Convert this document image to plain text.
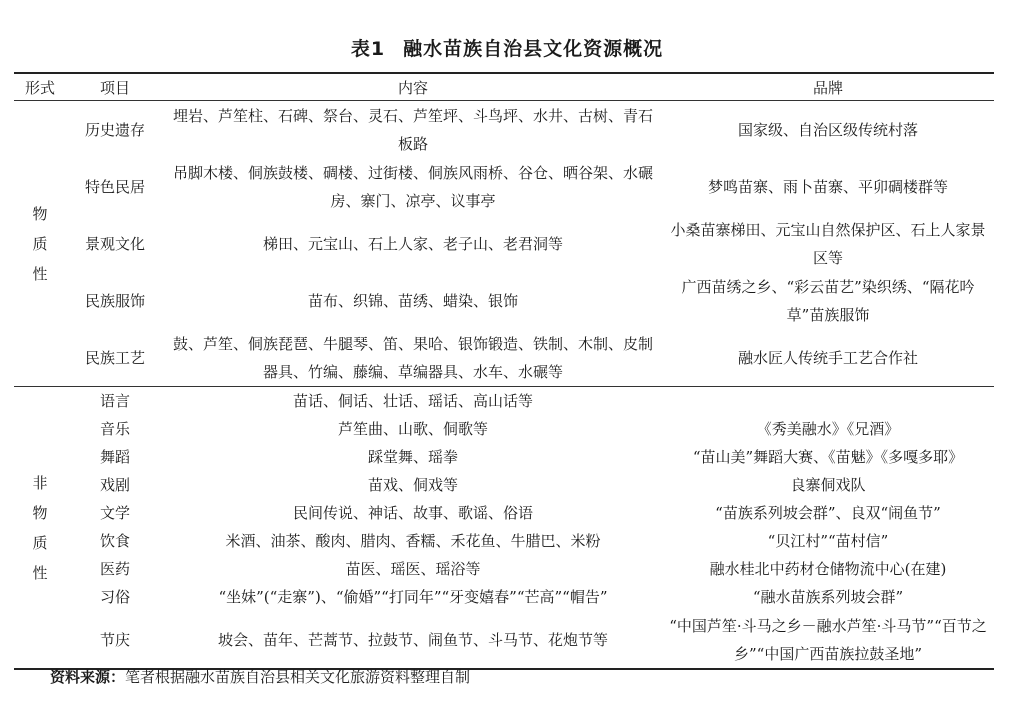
表1 融水苗族自治县文化资源概况
形式	项目	内容	品牌

物
质
性	历史遗存	埋岩、芦笙柱、石碑、祭台、灵石、芦笙坪、斗鸟坪、水井、古树、青石板路	国家级、自治区级传统村落
	特色民居	吊脚木楼、侗族鼓楼、碉楼、过街楼、侗族风雨桥、谷仓、晒谷架、水碾房、寨门、凉亭、议事亭	梦鸣苗寨、雨卜苗寨、平卯碉楼群等
	景观文化	梯田、元宝山、石上人家、老子山、老君洞等	小桑苗寨梯田、元宝山自然保护区、石上人家景区等
	民族服饰	苗布、织锦、苗绣、蜡染、银饰	广西苗绣之乡、“彩云苗艺”染织绣、“隔花吟草”苗族服饰
	民族工艺	鼓、芦笙、侗族琵琶、牛腿琴、笛、果哈、银饰锻造、铁制、木制、皮制器具、竹编、藤编、草编器具、水车、水碾等	融水匠人传统手工艺合作社

非
物
质
性	语言	苗话、侗话、壮话、瑶话、高山话等	
	音乐	芦笙曲、山歌、侗歌等	《秀美融水》《兄酒》
	舞蹈	踩堂舞、瑶拳	“苗山美”舞蹈大赛、《苗魅》《多嘎多耶》
	戏剧	苗戏、侗戏等	良寨侗戏队
	文学	民间传说、神话、故事、歌谣、俗语	“苗族系列坡会群”、良双“闹鱼节”
	饮食	米酒、油茶、酸肉、腊肉、香糯、禾花鱼、牛腊巴、米粉	“贝江村”“苗村信”
	医药	苗医、瑶医、瑶浴等	融水桂北中药材仓储物流中心(在建)
	习俗	“坐妹”(“走寨”)、“偷婚”“打同年”“牙变嬉春”“芒高”“帽告”	“融水苗族系列坡会群”
	节庆	坡会、苗年、芒蒿节、拉鼓节、闹鱼节、斗马节、花炮节等	“中国芦笙·斗马之乡－融水芦笙·斗马节”“百节之乡”“中国广西苗族拉鼓圣地”
资料来源：笔者根据融水苗族自治县相关文化旅游资料整理自制
